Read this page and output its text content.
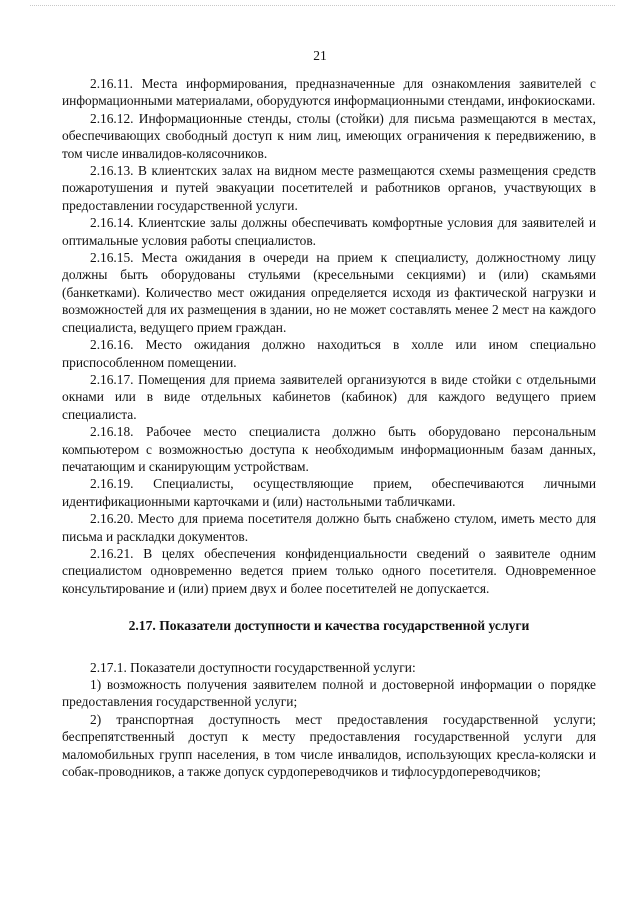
21

2.16.11. Места информирования, предназначенные для ознакомления заявителей с информационными материалами, оборудуются информационными стендами, инфокиосками.

2.16.12. Информационные стенды, столы (стойки) для письма размещаются в местах, обеспечивающих свободный доступ к ним лиц, имеющих ограничения к передвижению, в том числе инвалидов-колясочников.

2.16.13. В клиентских залах на видном месте размещаются схемы размещения средств пожаротушения и путей эвакуации посетителей и работников органов, участвующих в предоставлении государственной услуги.

2.16.14. Клиентские залы должны обеспечивать комфортные условия для заявителей и оптимальные условия работы специалистов.

2.16.15. Места ожидания в очереди на прием к специалисту, должностному лицу должны быть оборудованы стульями (кресельными секциями) и (или) скамьями (банкетками). Количество мест ожидания определяется исходя из фактической нагрузки и возможностей для их размещения в здании, но не может составлять менее 2 мест на каждого специалиста, ведущего прием граждан.

2.16.16. Место ожидания должно находиться в холле или ином специально приспособленном помещении.

2.16.17. Помещения для приема заявителей организуются в виде стойки с отдельными окнами или в виде отдельных кабинетов (кабинок) для каждого ведущего прием специалиста.

2.16.18. Рабочее место специалиста должно быть оборудовано персональным компьютером с возможностью доступа к необходимым информационным базам данных, печатающим и сканирующим устройствам.

2.16.19. Специалисты, осуществляющие прием, обеспечиваются личными идентификационными карточками и (или) настольными табличками.

2.16.20. Место для приема посетителя должно быть снабжено стулом, иметь место для письма и раскладки документов.

2.16.21. В целях обеспечения конфиденциальности сведений о заявителе одним специалистом одновременно ведется прием только одного посетителя. Одновременное консультирование и (или) прием двух и более посетителей не допускается.

2.17. Показатели доступности и качества государственной услуги

2.17.1. Показатели доступности государственной услуги:

1) возможность получения заявителем полной и достоверной информации о порядке предоставления государственной услуги;

2) транспортная доступность мест предоставления государственной услуги; беспрепятственный доступ к месту предоставления государственной услуги для маломобильных групп населения, в том числе инвалидов, использующих кресла-коляски и собак-проводников, а также допуск сурдопереводчиков и тифлосурдопереводчиков;
